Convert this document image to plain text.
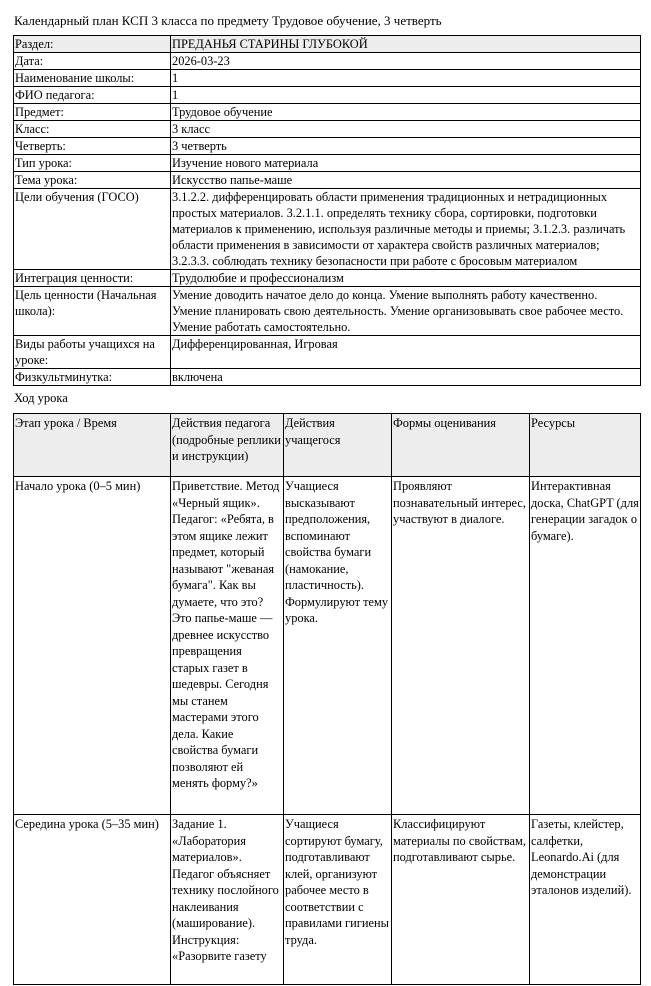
Календарный план КСП 3 класса по предмету Трудовое обучение, 3 четверть
Раздел:	ПРЕДАНЬЯ СТАРИНЫ ГЛУБОКОЙ
Дата:	2026-03-23
Наименование школы:	1
ФИО педагога:	1
Предмет:	Трудовое обучение
Класс:	3 класс
Четверть:	3 четверть
Тип урока:	Изучение нового материала
Тема урока:	Искусство папье-маше
Цели обучения (ГОСО)	3.1.2.2. дифференцировать области применения традиционных и нетрадиционных простых материалов. 3.2.1.1. определять технику сбора, сортировки, подготовки материалов к применению, используя различные методы и приемы; 3.1.2.3. различать области применения в зависимости от характера свойств различных материалов; 3.2.3.3. соблюдать технику безопасности при работе с бросовым материалом
Интеграция ценности:	Трудолюбие и профессионализм
Цель ценности (Начальная школа):	Умение доводить начатое дело до конца. Умение выполнять работу качественно. Умение планировать свою деятельность. Умение организовывать свое рабочее место. Умение работать самостоятельно.
Виды работы учащихся на уроке:	Дифференцированная, Игровая
Физкультминутка:	включена
Ход урока
Этап урока / Время	Действия педагога (подробные реплики и инструкции)	Действия учащегося	Формы оценивания	Ресурсы
Начало урока (0–5 мин)	Приветствие. Метод «Черный ящик». Педагог: «Ребята, в этом ящике лежит предмет, который называют "жеваная бумага". Как вы думаете, что это? Это папье-маше — древнее искусство превращения старых газет в шедевры. Сегодня мы станем мастерами этого дела. Какие свойства бумаги позволяют ей менять форму?»	Учащиеся высказывают предположения, вспоминают свойства бумаги (намокание, пластичность). Формулируют тему урока.	Проявляют познавательный интерес, участвуют в диалоге.	Интерактивная доска, ChatGPT (для генерации загадок о бумаге).
Середина урока (5–35 мин)	Задание 1. «Лаборатория материалов». Педагог объясняет технику послойного наклеивания (маширование). Инструкция: «Разорвите газету	Учащиеся сортируют бумагу, подготавливают клей, организуют рабочее место в соответствии с правилами гигиены труда.	Классифицируют материалы по свойствам, подготавливают сырье.	Газеты, клейстер, салфетки, Leonardo.Ai (для демонстрации эталонов изделий).
